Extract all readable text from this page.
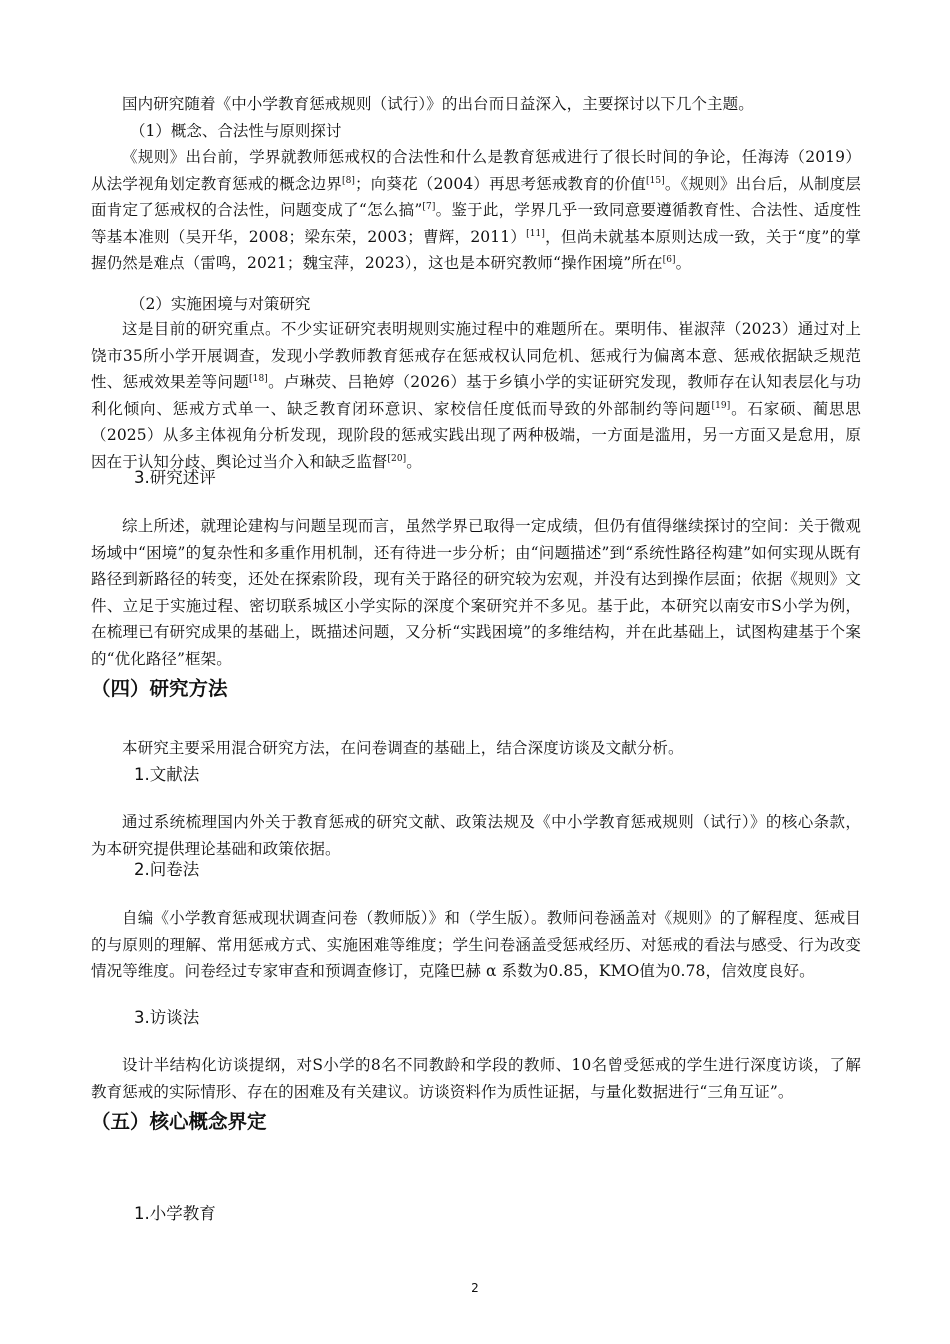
国内研究随着《中小学教育惩戒规则（试行）》的出台而日益深入，主要探讨以下几个主题。

（1）概念、合法性与原则探讨

《规则》出台前，学界就教师惩戒权的合法性和什么是教育惩戒进行了很长时间的争论，任海涛（2019）从法学视角划定教育惩戒的概念边界[8]；向葵花（2004）再思考惩戒教育的价值[15]。《规则》出台后，从制度层面肯定了惩戒权的合法性，问题变成了“怎么搞”[7]。鉴于此，学界几乎一致同意要遵循教育性、合法性、适度性等基本准则（吴开华，2008；梁东荣，2003；曹辉，2011）[11]，但尚未就基本原则达成一致，关于“度”的掌握仍然是难点（雷鸣，2021；魏宝萍，2023），这也是本研究教师“操作困境”所在[6]。

（2）实施困境与对策研究

这是目前的研究重点。不少实证研究表明规则实施过程中的难题所在。栗明伟、崔淑萍（2023）通过对上饶市35所小学开展调查，发现小学教师教育惩戒存在惩戒权认同危机、惩戒行为偏离本意、惩戒依据缺乏规范性、惩戒效果差等问题[18]。卢琳荧、吕艳婷（2026）基于乡镇小学的实证研究发现，教师存在认知表层化与功利化倾向、惩戒方式单一、缺乏教育闭环意识、家校信任度低而导致的外部制约等问题[19]。石家硕、蔺思思（2025）从多主体视角分析发现，现阶段的惩戒实践出现了两种极端，一方面是滥用，另一方面又是怠用，原因在于认知分歧、舆论过当介入和缺乏监督[20]。

3.研究述评

综上所述，就理论建构与问题呈现而言，虽然学界已取得一定成绩，但仍有值得继续探讨的空间：关于微观场域中“困境”的复杂性和多重作用机制，还有待进一步分析；由“问题描述”到“系统性路径构建”如何实现从既有路径到新路径的转变，还处在探索阶段，现有关于路径的研究较为宏观，并没有达到操作层面；依据《规则》文件、立足于实施过程、密切联系城区小学实际的深度个案研究并不多见。基于此，本研究以南安市S小学为例，在梳理已有研究成果的基础上，既描述问题，又分析“实践困境”的多维结构，并在此基础上，试图构建基于个案的“优化路径”框架。

（四）研究方法

本研究主要采用混合研究方法，在问卷调查的基础上，结合深度访谈及文献分析。

1.文献法

通过系统梳理国内外关于教育惩戒的研究文献、政策法规及《中小学教育惩戒规则（试行）》的核心条款，为本研究提供理论基础和政策依据。

2.问卷法

自编《小学教育惩戒现状调查问卷（教师版）》和（学生版）。教师问卷涵盖对《规则》的了解程度、惩戒目的与原则的理解、常用惩戒方式、实施困难等维度；学生问卷涵盖受惩戒经历、对惩戒的看法与感受、行为改变情况等维度。问卷经过专家审查和预调查修订，克隆巴赫 α 系数为0.85，KMO值为0.78，信效度良好。

3.访谈法

设计半结构化访谈提纲，对S小学的8名不同教龄和学段的教师、10名曾受惩戒的学生进行深度访谈，了解教育惩戒的实际情形、存在的困难及有关建议。访谈资料作为质性证据，与量化数据进行“三角互证”。

（五）核心概念界定

1.小学教育

2
